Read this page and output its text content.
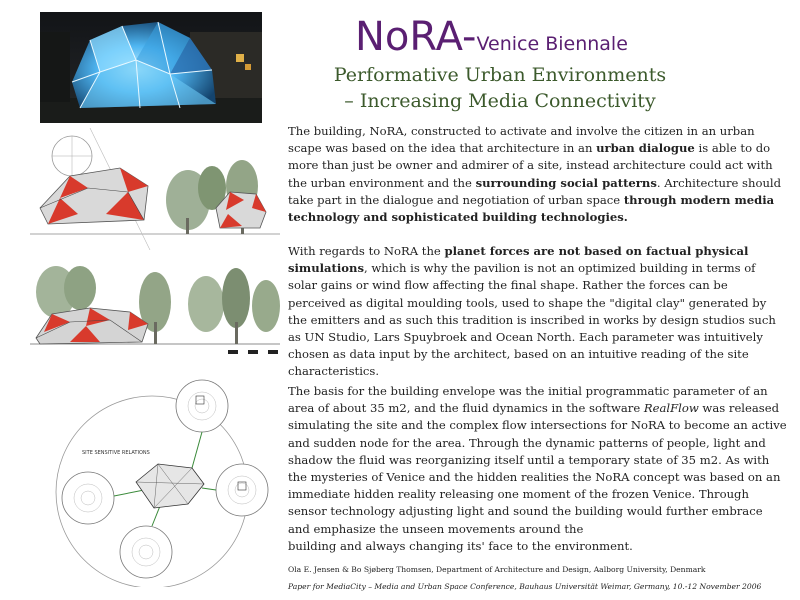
NoRA-Venice Biennale
Performative Urban Environments
– Increasing Media Connectivity
SITE SENSITIVE RELATIONS
The building, NoRA, constructed to activate and involve the citizen in an urban scape was based on the idea that architecture in an urban dialogue is able to do more than just be owner and admirer of a site, instead architecture could act with the urban environment and the surrounding social patterns. Architecture should take part in the dialogue and negotiation of urban space through modern media technology and sophisticated building technologies.
With regards to NoRA the planet forces are not based on factual physical simulations, which is why the pavilion is not an optimized building in terms of solar gains or wind flow affecting the final shape. Rather the forces can be perceived as digital moulding tools, used to shape the "digital clay" generated by the emitters and as such this tradition is inscribed in works by design studios such as UN Studio, Lars Spuybroek and Ocean North. Each parameter was intuitively chosen as data input by the architect, based on an intuitive reading of the site characteristics.
The basis for the building envelope was the initial programmatic parameter of an area of about 35 m2, and the fluid dynamics in the software RealFlow was released simulating the site and the complex flow intersections for NoRA to become an active and sudden node for the area. Through the dynamic patterns of people, light and shadow the fluid was reorganizing itself until a temporary state of 35 m2. As with the mysteries of Venice and the hidden realities the NoRA concept was based on an immediate hidden reality releasing one moment of the frozen Venice. Through sensor technology adjusting light and sound the building would further embrace and emphasize the unseen movements around the
building and always changing its' face to the environment.
Ola E. Jensen & Bo Sjøberg Thomsen, Department of Architecture and Design, Aalborg University, Denmark
Paper for MediaCity – Media and Urban Space Conference, Bauhaus Universität Weimar, Germany, 10.-12 November 2006
